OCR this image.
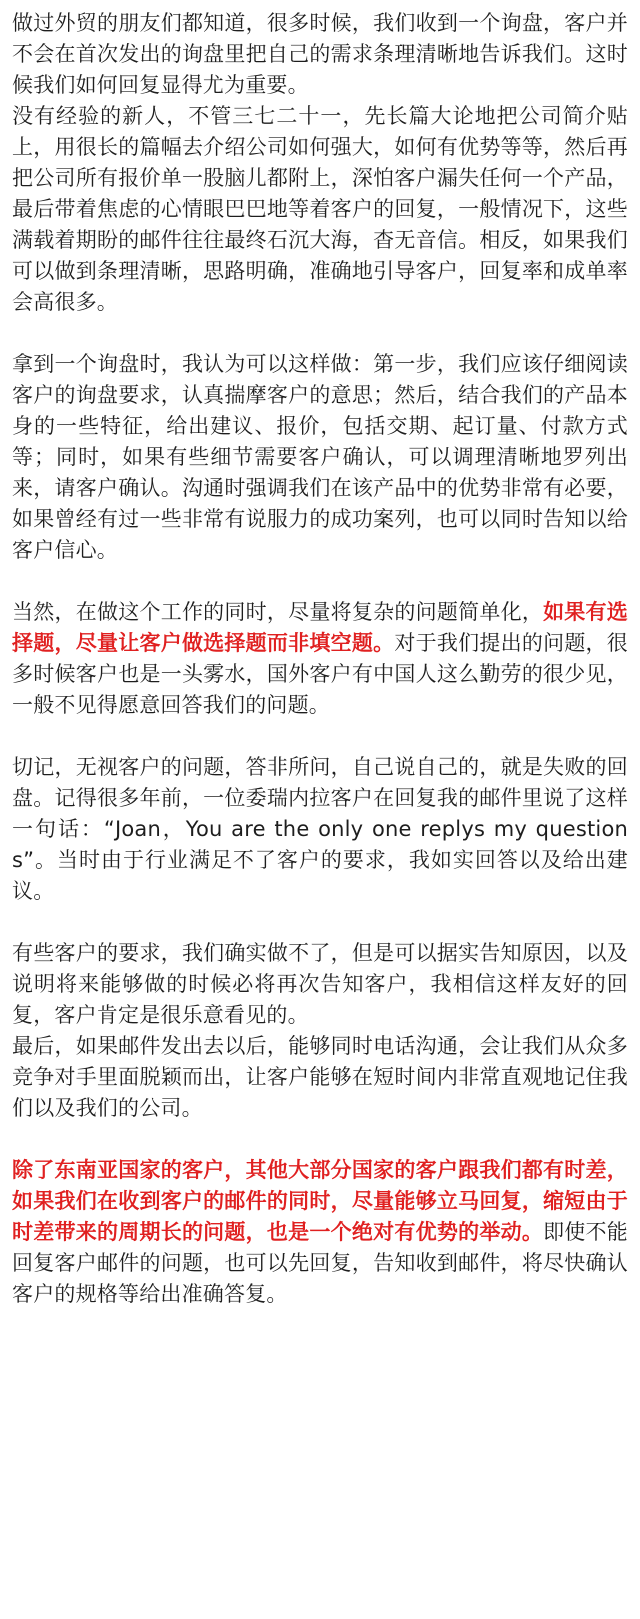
做过外贸的朋友们都知道，很多时候，我们收到一个询盘，客户并不会在首次发出的询盘里把自己的需求条理清晰地告诉我们。这时候我们如何回复显得尤为重要。

没有经验的新人，不管三七二十一，先长篇大论地把公司简介贴上，用很长的篇幅去介绍公司如何强大，如何有优势等等，然后再把公司所有报价单一股脑儿都附上，深怕客户漏失任何一个产品，最后带着焦虑的心情眼巴巴地等着客户的回复，一般情况下，这些满载着期盼的邮件往往最终石沉大海，杳无音信。相反，如果我们可以做到条理清晰，思路明确，准确地引导客户，回复率和成单率会高很多。

拿到一个询盘时，我认为可以这样做：第一步，我们应该仔细阅读客户的询盘要求，认真揣摩客户的意思；然后，结合我们的产品本身的一些特征，给出建议、报价，包括交期、起订量、付款方式等；同时，如果有些细节需要客户确认，可以调理清晰地罗列出来，请客户确认。沟通时强调我们在该产品中的优势非常有必要，如果曾经有过一些非常有说服力的成功案列，也可以同时告知以给客户信心。

当然，在做这个工作的同时，尽量将复杂的问题简单化，如果有选择题，尽量让客户做选择题而非填空题。对于我们提出的问题，很多时候客户也是一头雾水，国外客户有中国人这么勤劳的很少见，一般不见得愿意回答我们的问题。

切记，无视客户的问题，答非所问，自己说自己的，就是失败的回盘。记得很多年前，一位委瑞内拉客户在回复我的邮件里说了这样一句话：“Joan，You are the only one replys my questions”。当时由于行业满足不了客户的要求，我如实回答以及给出建议。

有些客户的要求，我们确实做不了，但是可以据实告知原因，以及说明将来能够做的时候必将再次告知客户，我相信这样友好的回复，客户肯定是很乐意看见的。

最后，如果邮件发出去以后，能够同时电话沟通，会让我们从众多竞争对手里面脱颖而出，让客户能够在短时间内非常直观地记住我们以及我们的公司。

除了东南亚国家的客户，其他大部分国家的客户跟我们都有时差，如果我们在收到客户的邮件的同时，尽量能够立马回复，缩短由于时差带来的周期长的问题，也是一个绝对有优势的举动。即使不能回复客户邮件的问题，也可以先回复，告知收到邮件，将尽快确认客户的规格等给出准确答复。
